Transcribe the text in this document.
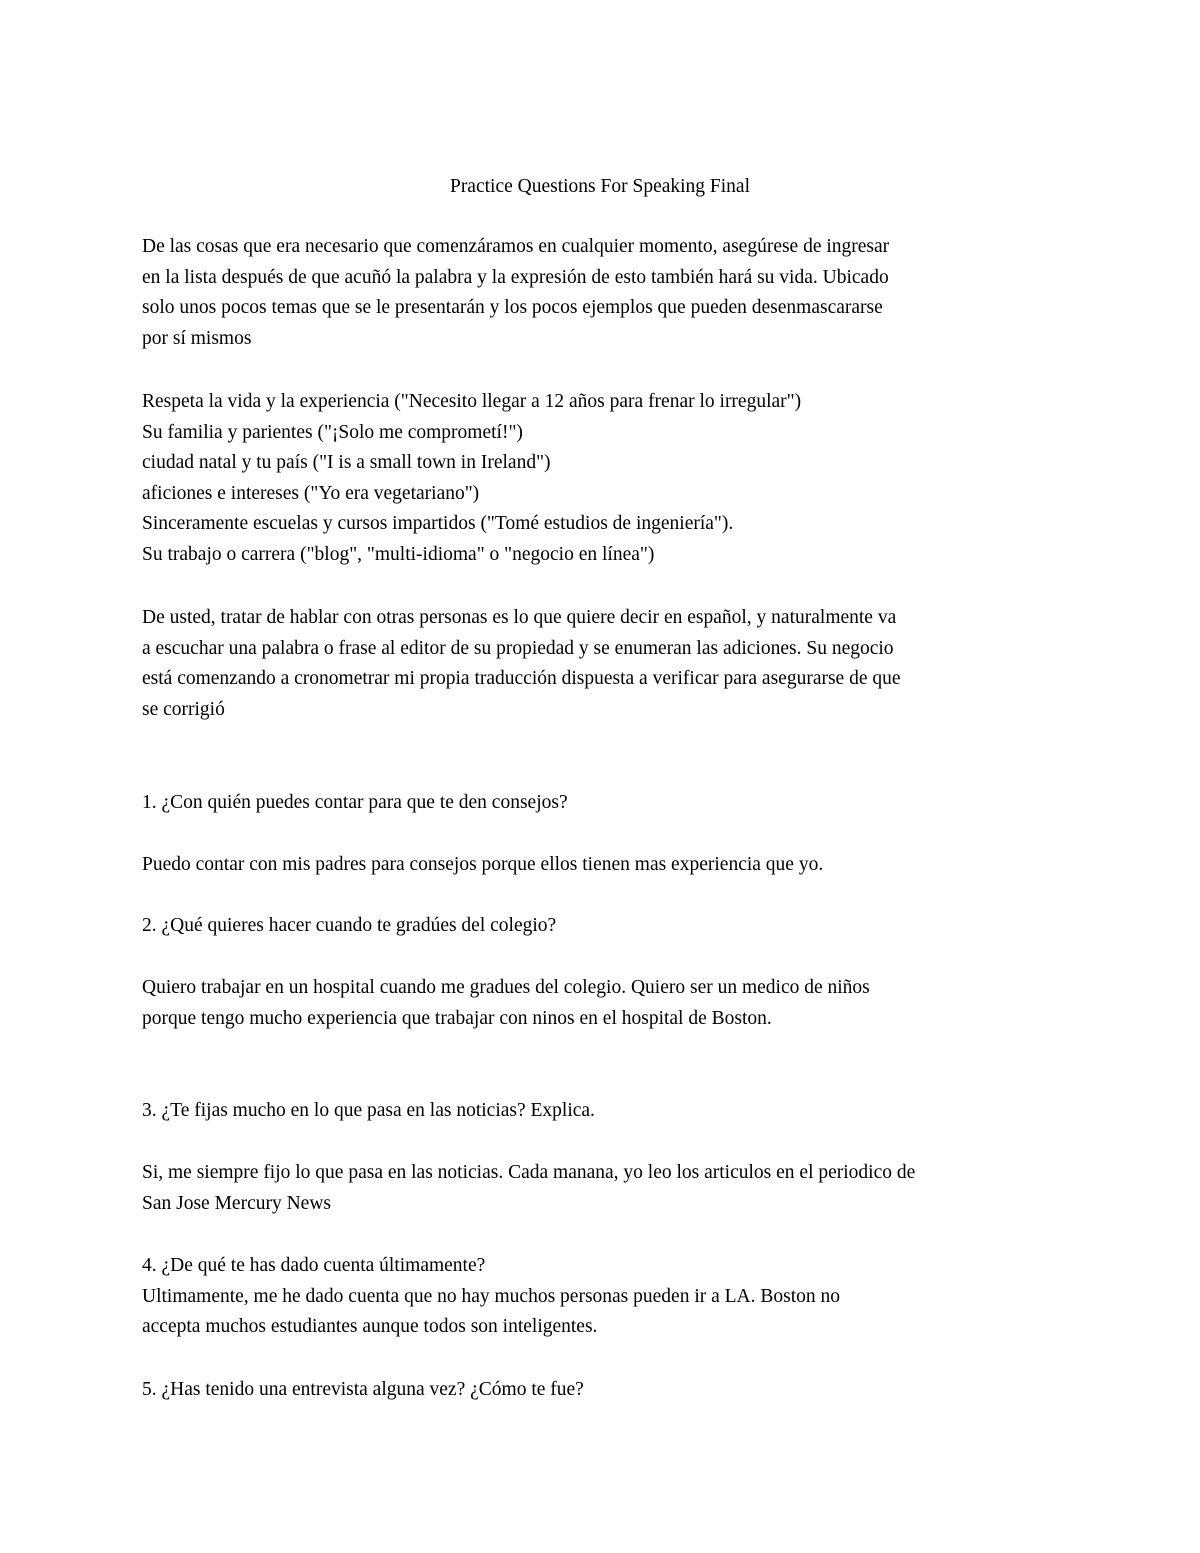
Practice Questions For Speaking Final

De las cosas que era necesario que comenzáramos en cualquier momento, asegúrese de ingresar
en la lista después de que acuñó la palabra y la expresión de esto también hará su vida. Ubicado
solo unos pocos temas que se le presentarán y los pocos ejemplos que pueden desenmascararse
por sí mismos

Respeta la vida y la experiencia ("Necesito llegar a 12 años para frenar lo irregular")
Su familia y parientes ("¡Solo me comprometí!")
ciudad natal y tu país ("I is a small town in Ireland")
aficiones e intereses ("Yo era vegetariano")
Sinceramente escuelas y cursos impartidos ("Tomé estudios de ingeniería").
Su trabajo o carrera ("blog", "multi-idioma" o "negocio en línea")

De usted, tratar de hablar con otras personas es lo que quiere decir en español, y naturalmente va
a escuchar una palabra o frase al editor de su propiedad y se enumeran las adiciones. Su negocio
está comenzando a cronometrar mi propia traducción dispuesta a verificar para asegurarse de que
se corrigió

1. ¿Con quién puedes contar para que te den consejos?

Puedo contar con mis padres para consejos porque ellos tienen mas experiencia que yo.

2. ¿Qué quieres hacer cuando te gradúes del colegio?

Quiero trabajar en un hospital cuando me gradues del colegio. Quiero ser un medico de niños
porque tengo mucho experiencia que trabajar con ninos en el hospital de Boston.

3. ¿Te fijas mucho en lo que pasa en las noticias? Explica.

Si, me siempre fijo lo que pasa en las noticias. Cada manana, yo leo los articulos en el periodico de
San Jose Mercury News

4. ¿De qué te has dado cuenta últimamente?
Ultimamente, me he dado cuenta que no hay muchos personas pueden ir a LA. Boston no
accepta muchos estudiantes aunque todos son inteligentes.

5. ¿Has tenido una entrevista alguna vez? ¿Cómo te fue?
